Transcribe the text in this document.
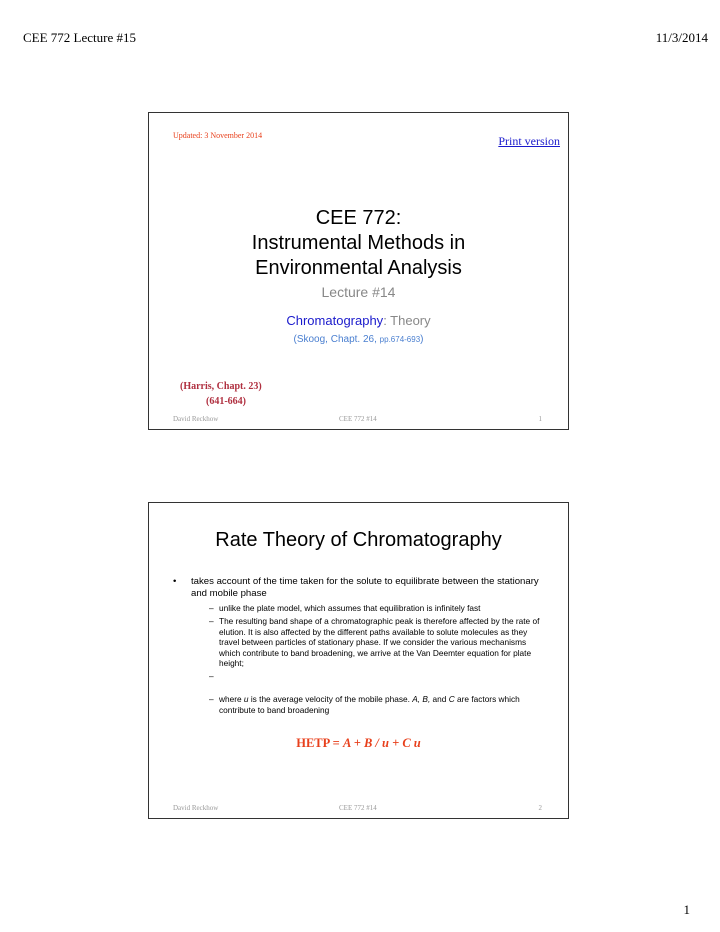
CEE 772 Lecture #15	11/3/2014
Updated: 3 November 2014	Print version
CEE 772:
Instrumental Methods in
Environmental Analysis
Lecture #14
Chromatography: Theory
(Skoog, Chapt. 26, pp.674-693)
(Harris, Chapt. 23)
(641-664)
David Reckhow	CEE 772 #14	1
Rate Theory of Chromatography
• takes account of the time taken for the solute to equilibrate between the stationary and mobile phase
– unlike the plate model, which assumes that equilibration is infinitely fast
– The resulting band shape of a chromatographic peak is therefore affected by the rate of elution. It is also affected by the different paths available to solute molecules as they travel between particles of stationary phase. If we consider the various mechanisms which contribute to band broadening, we arrive at the Van Deemter equation for plate height;
–
– where u is the average velocity of the mobile phase. A, B, and C are factors which contribute to band broadening
HETP = A + B / u + C u
David Reckhow	CEE 772 #14	2
1
